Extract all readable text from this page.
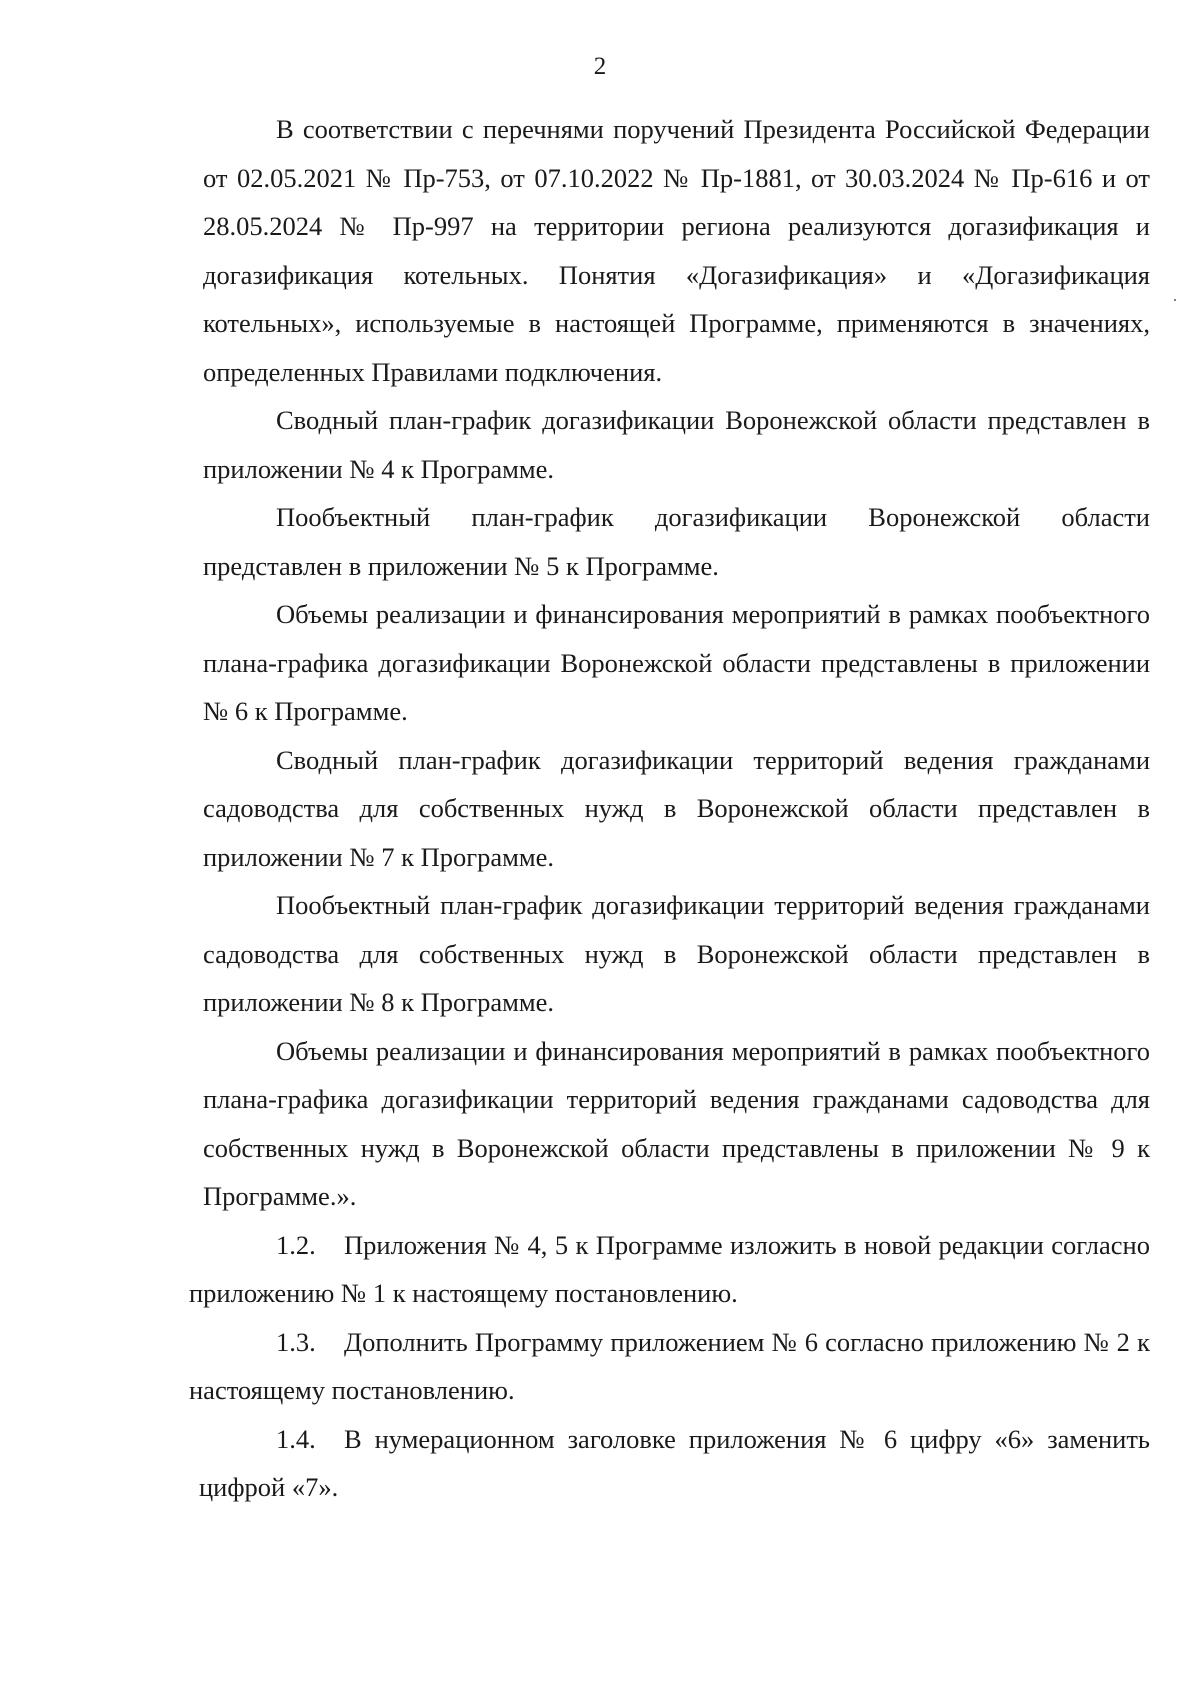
2

В соответствии с перечнями поручений Президента Российской Федерации от 02.05.2021 № Пр-753, от 07.10.2022 № Пр-1881, от 30.03.2024 № Пр-616 и от 28.05.2024 № Пр-997 на территории региона реализуются догазификация и догазификация котельных. Понятия «Догазификация» и «Догазификация котельных», используемые в настоящей Программе, применяются в значениях, определенных Правилами подключения.

Сводный план-график догазификации Воронежской области представлен в приложении № 4 к Программе.

Пообъектный план-график догазификации Воронежской области представлен в приложении № 5 к Программе.

Объемы реализации и финансирования мероприятий в рамках пообъектного плана-графика догазификации Воронежской области представлены в приложении № 6 к Программе.

Сводный план-график догазификации территорий ведения гражданами садоводства для собственных нужд в Воронежской области представлен в приложении № 7 к Программе.

Пообъектный план-график догазификации территорий ведения гражданами садоводства для собственных нужд в Воронежской области представлен в приложении № 8 к Программе.

Объемы реализации и финансирования мероприятий в рамках пообъектного плана-графика догазификации территорий ведения гражданами садоводства для собственных нужд в Воронежской области представлены в приложении № 9 к Программе.».

1.2. Приложения № 4, 5 к Программе изложить в новой редакции согласно приложению № 1 к настоящему постановлению.

1.3. Дополнить Программу приложением № 6 согласно приложению № 2 к настоящему постановлению.

1.4. В нумерационном заголовке приложения № 6 цифру «6» заменить цифрой «7».
